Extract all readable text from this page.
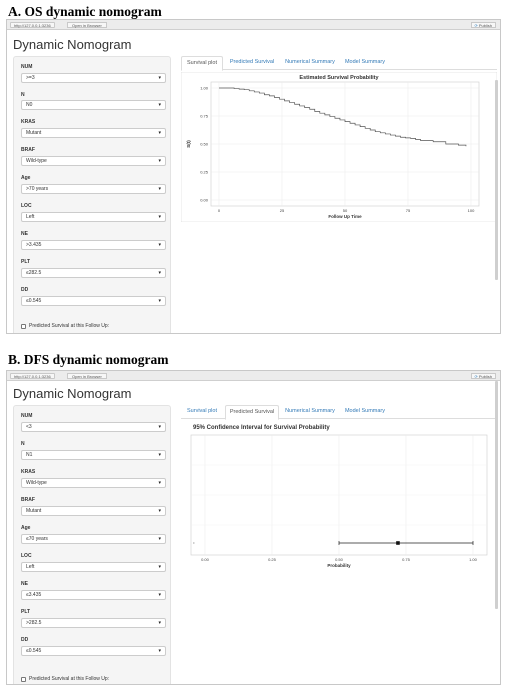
A. OS dynamic nomogram
http://127.0.0.1:3236	Open in Browser	⟳Publish
Dynamic Nomogram
NUM
>=3	▾
N
N0	▾
KRAS
Mutant	▾
BRAF
Wild-type	▾
Age
>70 years	▾
LOC
Left	▾
NE
>3.435	▾
PLT
≤282.5	▾
DD
≤0.545	▾
Predicted Survival at this Follow Up:
Survival plot	Predicted Survival	Numerical Summary	Model Summary
Estimated Survival Probability
0	25	50	75	100
0.00
0.25
0.50
0.75
1.00
Follow Up Time
S(t)
B. DFS dynamic nomogram
http://127.0.0.1:3236	Open in Browser	⟳Publish
Dynamic Nomogram
NUM
<3	▾
N
N1	▾
KRAS
Wild-type	▾
BRAF
Mutant	▾
Age
≤70 years	▾
LOC
Left	▾
NE
≤3.435	▾
PLT
>282.5	▾
DD
≤0.545	▾
Predicted Survival at this Follow Up:
Survival plot	Predicted Survival	Numerical Summary	Model Summary
95% Confidence Interval for Survival Probability
0.00	0.25	0.50	0.75	1.00
Probability
